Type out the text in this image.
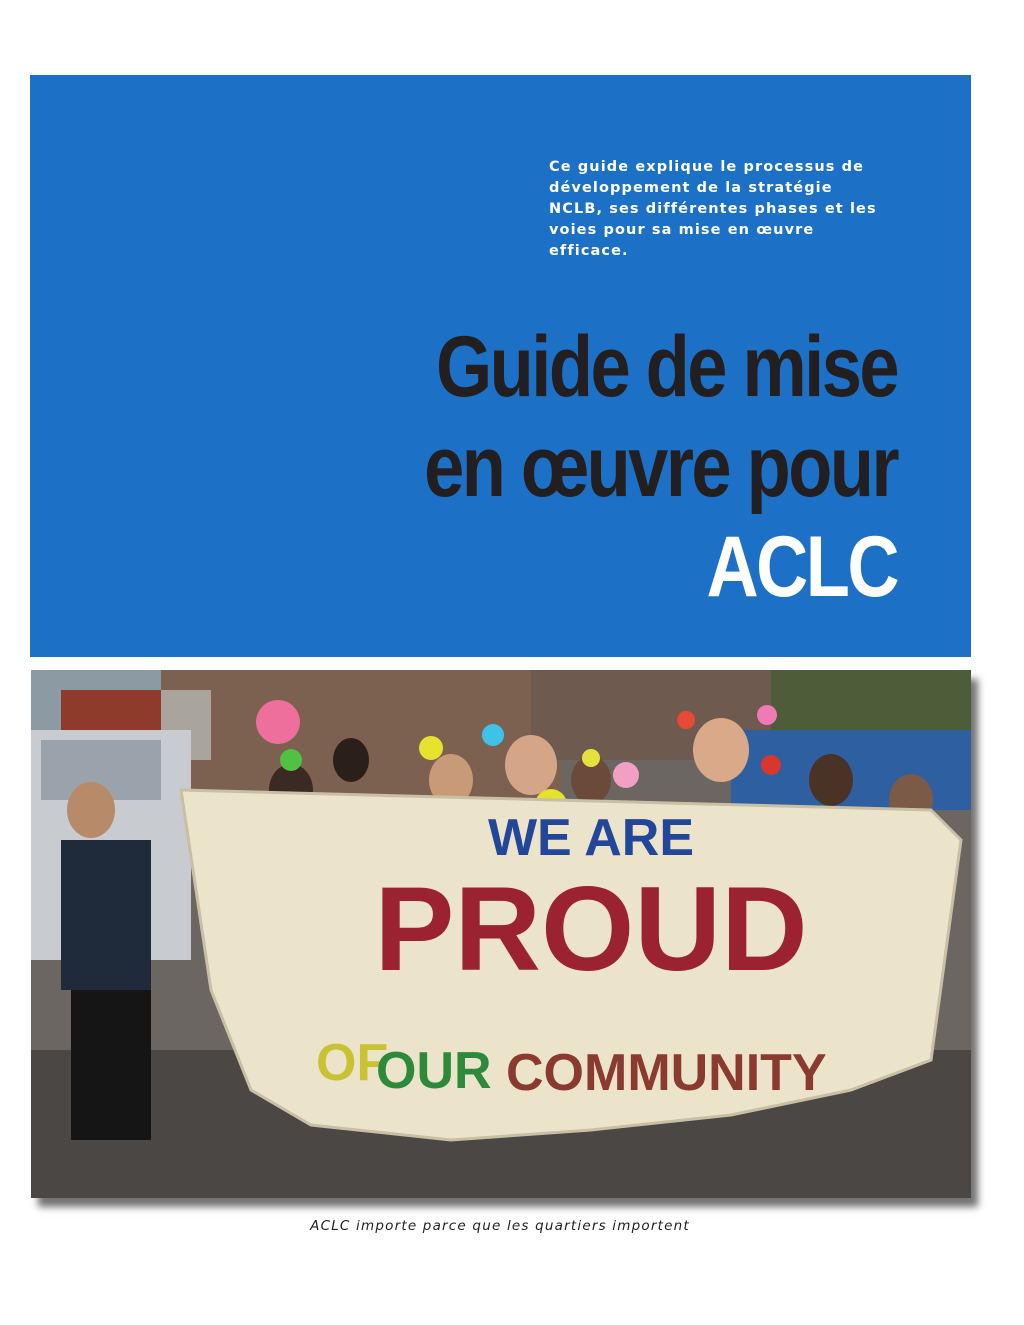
Ce guide explique le processus de développement de la stratégie NCLB, ses différentes phases et les voies pour sa mise en œuvre efficace.

Guide de mise
en œuvre pour
ACLC
WE ARE
PROUD
OF
OUR COMMUNITY

ACLC importe parce que les quartiers importent
